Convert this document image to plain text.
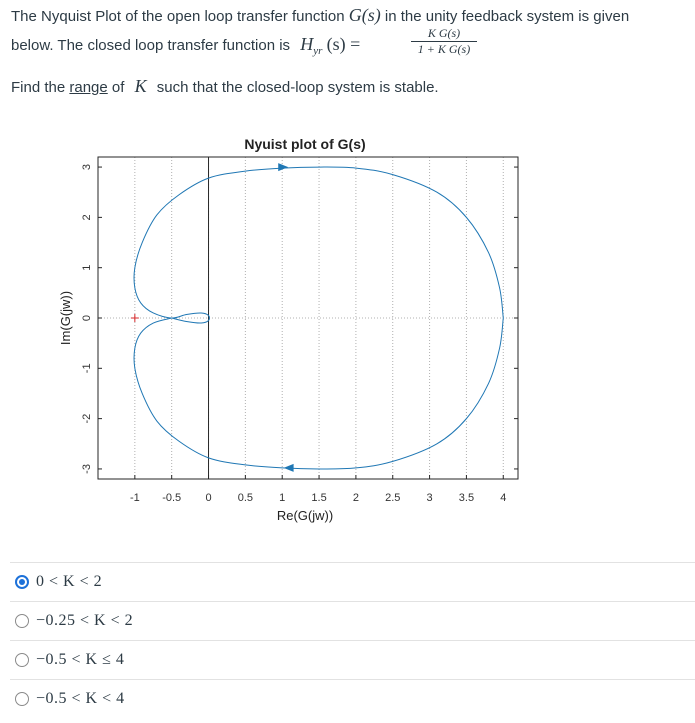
The Nyquist Plot of the open loop transfer function G(s) in the unity feedback system is given
below. The closed loop transfer function is $H_{yr}$ (s) =
K G(s)
1 + K G(s)
Find the range of K such that the closed-loop system is stable.
Nyuist plot of G(s)
-1 -0.5 0 0.5 1 1.5 2 2.5 3 3.5 4
3
2
1
0
-1
-2
-3
Re(G(jw))
Im(G(jw))
0 < K < 2
−0.25 < K < 2
−0.5 < K ≤ 4
−0.5 < K < 4
